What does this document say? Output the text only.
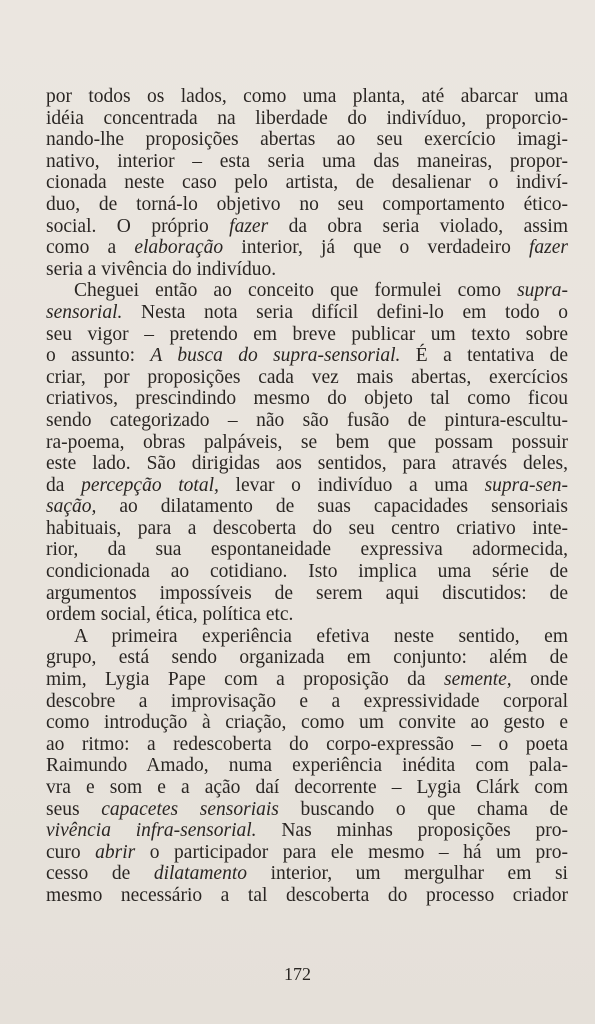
por todos os lados, como uma planta, até abarcar uma
idéia concentrada na liberdade do indivíduo, proporcio-
nando-lhe proposições abertas ao seu exercício imagi-
nativo, interior – esta seria uma das maneiras, propor-
cionada neste caso pelo artista, de desalienar o indiví-
duo, de torná-lo objetivo no seu comportamento ético-
social. O próprio fazer da obra seria violado, assim
como a elaboração interior, já que o verdadeiro fazer
seria a vivência do indivíduo.
Cheguei então ao conceito que formulei como supra-
sensorial. Nesta nota seria difícil defini-lo em todo o
seu vigor – pretendo em breve publicar um texto sobre
o assunto: A busca do supra-sensorial. É a tentativa de
criar, por proposições cada vez mais abertas, exercícios
criativos, prescindindo mesmo do objeto tal como ficou
sendo categorizado – não são fusão de pintura-escultu-
ra-poema, obras palpáveis, se bem que possam possuir
este lado. São dirigidas aos sentidos, para através deles,
da percepção total, levar o indivíduo a uma supra-sen-
sação, ao dilatamento de suas capacidades sensoriais
habituais, para a descoberta do seu centro criativo inte-
rior, da sua espontaneidade expressiva adormecida,
condicionada ao cotidiano. Isto implica uma série de
argumentos impossíveis de serem aqui discutidos: de
ordem social, ética, política etc.
A primeira experiência efetiva neste sentido, em
grupo, está sendo organizada em conjunto: além de
mim, Lygia Pape com a proposição da semente, onde
descobre a improvisação e a expressividade corporal
como introdução à criação, como um convite ao gesto e
ao ritmo: a redescoberta do corpo-expressão – o poeta
Raimundo Amado, numa experiência inédita com pala-
vra e som e a ação daí decorrente – Lygia Clárk com
seus capacetes sensoriais buscando o que chama de
vivência infra-sensorial. Nas minhas proposições pro-
curo abrir o participador para ele mesmo – há um pro-
cesso de dilatamento interior, um mergulhar em si
mesmo necessário a tal descoberta do processo criador
172
